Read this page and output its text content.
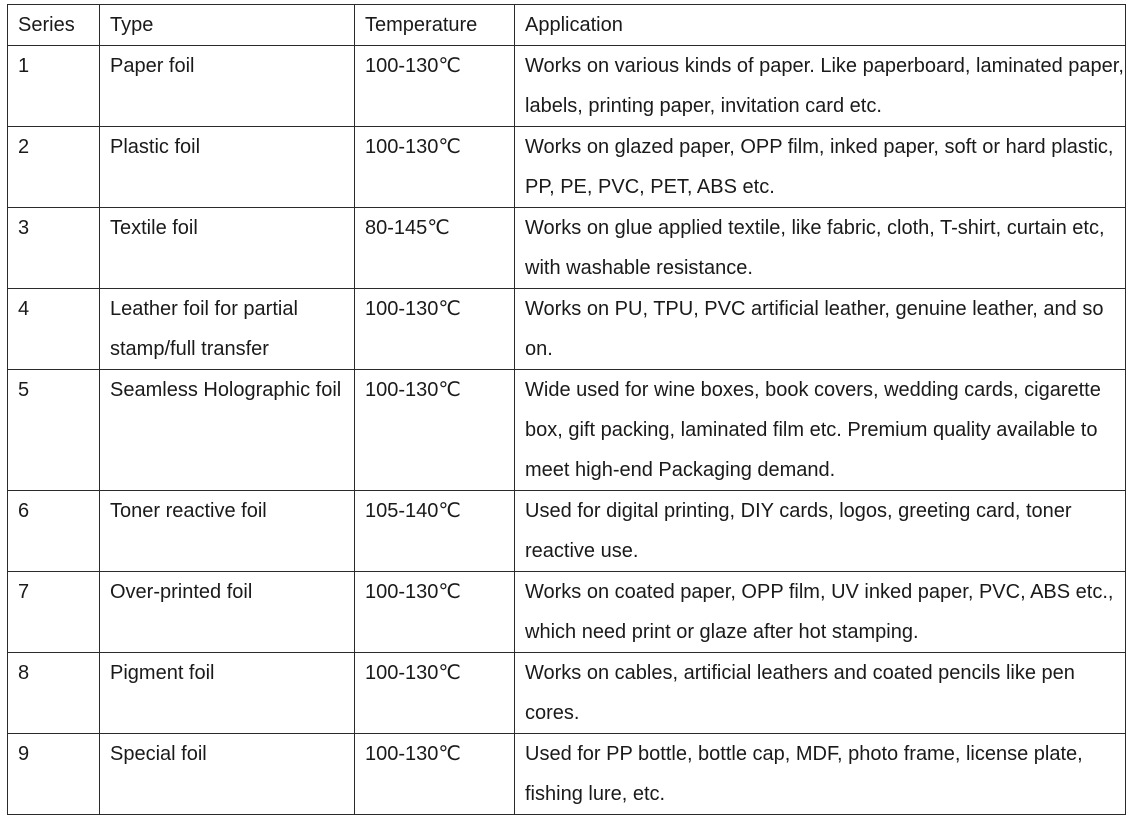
Series	Type	Temperature	Application
1	Paper foil	100-130℃	Works on various kinds of paper. Like paperboard, laminated paper, labels, printing paper, invitation card etc.
2	Plastic foil	100-130℃	Works on glazed paper, OPP film, inked paper, soft or hard plastic, PP, PE, PVC, PET, ABS etc.
3	Textile foil	80-145℃	Works on glue applied textile, like fabric, cloth, T-shirt, curtain etc, with washable resistance.
4	Leather foil for partial stamp/full transfer	100-130℃	Works on PU, TPU, PVC artificial leather, genuine leather, and so on.
5	Seamless Holographic foil	100-130℃	Wide used for wine boxes, book covers, wedding cards, cigarette box, gift packing, laminated film etc. Premium quality available to meet high-end Packaging demand.
6	Toner reactive foil	105-140℃	Used for digital printing, DIY cards, logos, greeting card, toner reactive use.
7	Over-printed foil	100-130℃	Works on coated paper, OPP film, UV inked paper, PVC, ABS etc., which need print or glaze after hot stamping.
8	Pigment foil	100-130℃	Works on cables, artificial leathers and coated pencils like pen cores.
9	Special foil	100-130℃	Used for PP bottle, bottle cap, MDF, photo frame, license plate, fishing lure, etc.
